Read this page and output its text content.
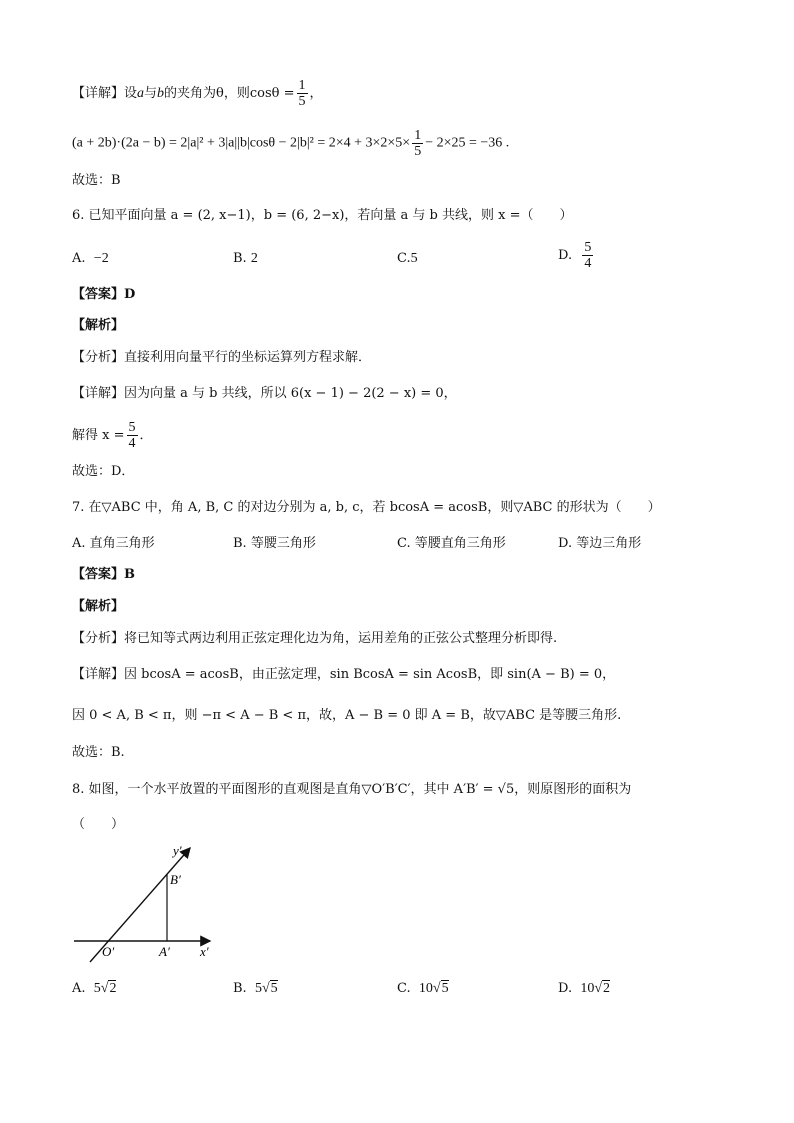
【详解】设a与b的夹角为θ，则$\cos\theta = \frac{1}{5}$ ，
$(a + 2b)\cdot(2a - b) = 2|a|^2 + 3|a||b|\cos\theta - 2|b|^2 = 2\times 4 + 3\times 2\times 5\times \frac{1}{5} - 2\times 25 = -36$ .
故选：B
6. 已知平面向量 a = (2, x−1)，b = (6, 2−x)，若向量 a 与 b 共线，则 x =（　　）
A. −2	B. 2	C.5	D. $\frac{5}{4}$
【答案】D
【解析】
【分析】直接利用向量平行的坐标运算列方程求解．
【详解】因为向量 a 与 b 共线，所以 6(x − 1) − 2(2 − x) = 0，
解得 $x = \frac{5}{4}$ ．
故选：D．
7. 在▽ABC 中，角 A, B, C 的对边分别为 a, b, c，若 bcosA = acosB，则▽ABC 的形状为（　　）
A. 直角三角形	B. 等腰三角形	C. 等腰直角三角形	D. 等边三角形
【答案】B
【解析】
【分析】将已知等式两边利用正弦定理化边为角，运用差角的正弦公式整理分析即得.
【详解】因 bcosA = acosB，由正弦定理，sin BcosA = sin AcosB，即 sin(A − B) = 0，
因 0 < A, B < π，则 −π < A − B < π，故，A − B = 0 即 A = B，故▽ABC 是等腰三角形.
故选：B.
8. 如图，一个水平放置的平面图形的直观图是直角▽O′B′C′，其中 A′B′ = √5，则原图形的面积为
（　　）
y′
B′
O′	A′ x′
A. 5√2	B. 5√5	C. 10√5	D. 10√2
